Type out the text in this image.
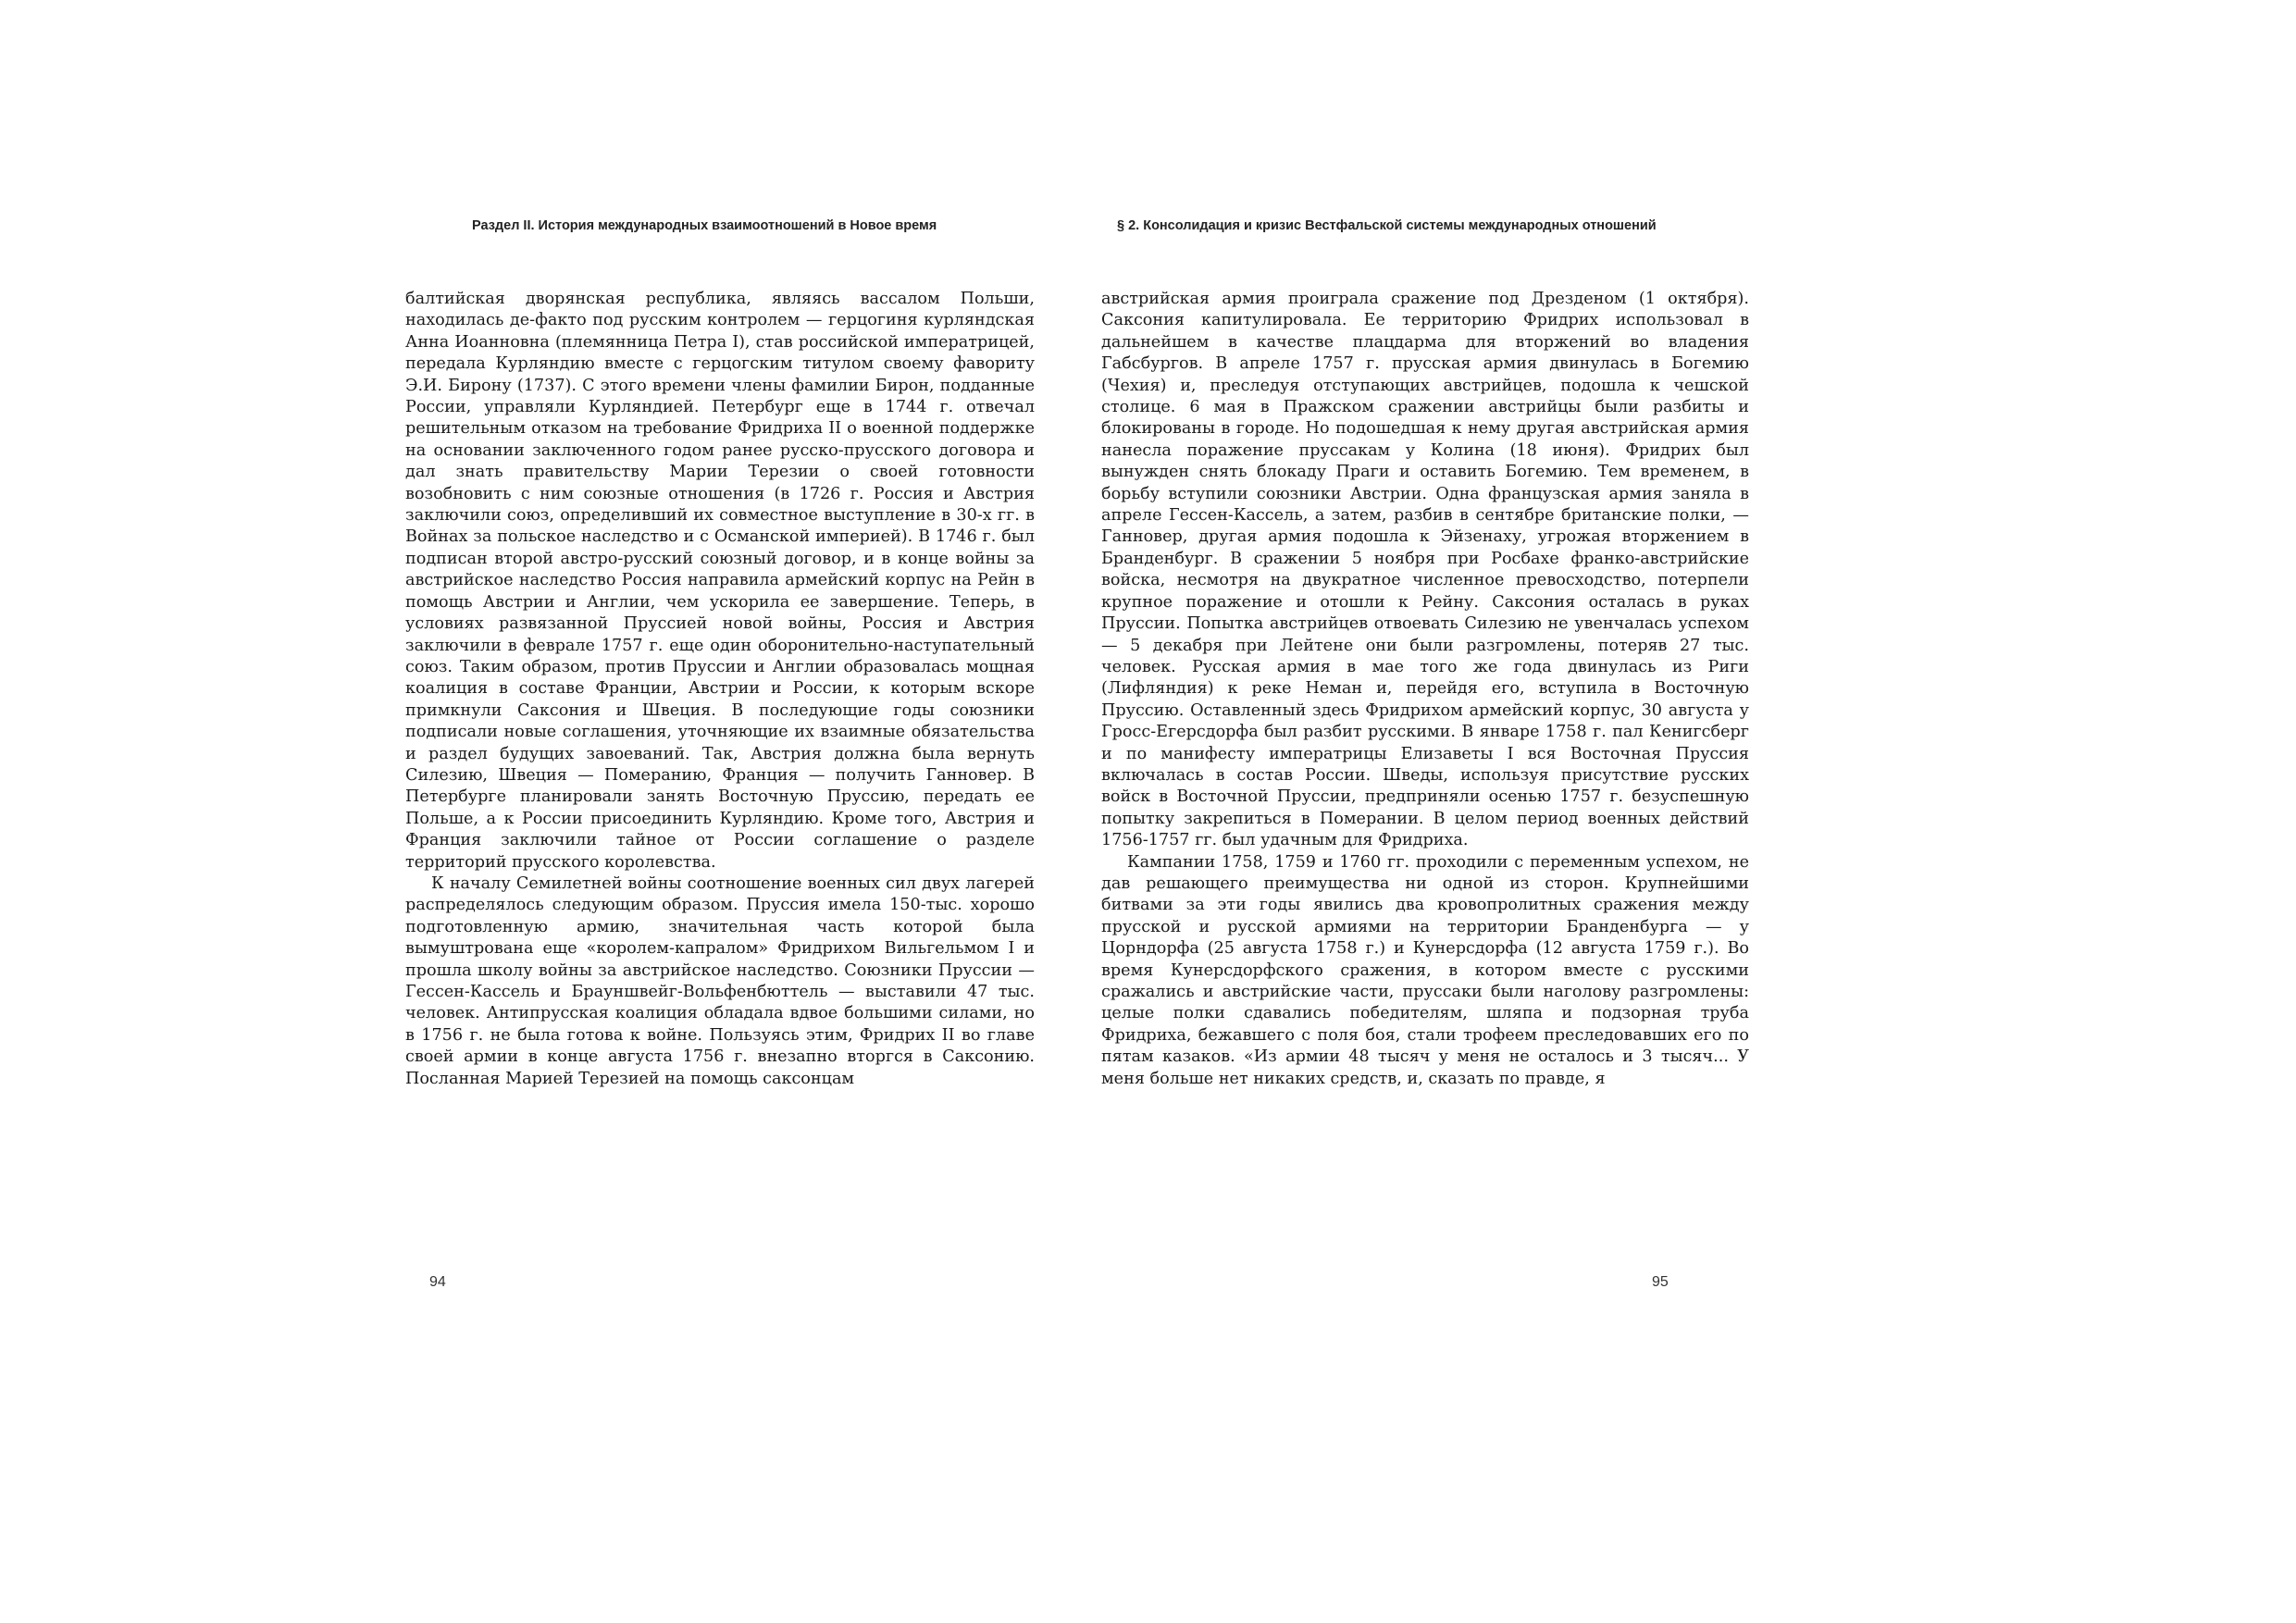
Раздел II. История международных взаимоотношений в Новое время

балтийская дворянская республика, являясь вассалом Польши, находилась де-факто под русским контролем — герцогиня курляндская Анна Иоанновна (племянница Петра I), став российской императрицей, передала Курляндию вместе с герцогским титулом своему фавориту Э.И. Бирону (1737). С этого времени члены фамилии Бирон, подданные России, управляли Курляндией. Петербург еще в 1744 г. отвечал решительным отказом на требование Фридриха II о военной поддержке на основании заключенного годом ранее русско-прусского договора и дал знать правительству Марии Терезии о своей готовности возобновить с ним союзные отношения (в 1726 г. Россия и Австрия заключили союз, определивший их совместное выступление в 30-х гг. в Войнах за польское наследство и с Османской империей). В 1746 г. был подписан второй австро-русский союзный договор, и в конце войны за австрийское наследство Россия направила армейский корпус на Рейн в помощь Австрии и Англии, чем ускорила ее завершение. Теперь, в условиях развязанной Пруссией новой войны, Россия и Австрия заключили в феврале 1757 г. еще один оборонительно-наступательный союз. Таким образом, против Пруссии и Англии образовалась мощная коалиция в составе Франции, Австрии и России, к которым вскоре примкнули Саксония и Швеция. В последующие годы союзники подписали новые соглашения, уточняющие их взаимные обязательства и раздел будущих завоеваний. Так, Австрия должна была вернуть Силезию, Швеция — Померанию, Франция — получить Ганновер. В Петербурге планировали занять Восточную Пруссию, передать ее Польше, а к России присоединить Курляндию. Кроме того, Австрия и Франция заключили тайное от России соглашение о разделе территорий прусского королевства.

К началу Семилетней войны соотношение военных сил двух лагерей распределялось следующим образом. Пруссия имела 150-тыс. хорошо подготовленную армию, значительная часть которой была вымуштрована еще «королем-капралом» Фридрихом Вильгельмом I и прошла школу войны за австрийское наследство. Союзники Пруссии — Гессен-Кассель и Брауншвейг-Вольфенбюттель — выставили 47 тыс. человек. Антипрусская коалиция обладала вдвое большими силами, но в 1756 г. не была готова к войне. Пользуясь этим, Фридрих II во главе своей армии в конце августа 1756 г. внезапно вторгся в Саксонию. Посланная Марией Терезией на помощь саксонцам

94
§ 2. Консолидация и кризис Вестфальской системы международных отношений

австрийская армия проиграла сражение под Дрезденом (1 октября). Саксония капитулировала. Ее территорию Фридрих использовал в дальнейшем в качестве плацдарма для вторжений во владения Габсбургов. В апреле 1757 г. прусская армия двинулась в Богемию (Чехия) и, преследуя отступающих австрийцев, подошла к чешской столице. 6 мая в Пражском сражении австрийцы были разбиты и блокированы в городе. Но подошедшая к нему другая австрийская армия нанесла поражение пруссакам у Колина (18 июня). Фридрих был вынужден снять блокаду Праги и оставить Богемию. Тем временем, в борьбу вступили союзники Австрии. Одна французская армия заняла в апреле Гессен-Кассель, а затем, разбив в сентябре британские полки, — Ганновер, другая армия подошла к Эйзенаху, угрожая вторжением в Бранденбург. В сражении 5 ноября при Росбахе франко-австрийские войска, несмотря на двукратное численное превосходство, потерпели крупное поражение и отошли к Рейну. Саксония осталась в руках Пруссии. Попытка австрийцев отвоевать Силезию не увенчалась успехом — 5 декабря при Лейтене они были разгромлены, потеряв 27 тыс. человек. Русская армия в мае того же года двинулась из Риги (Лифляндия) к реке Неман и, перейдя его, вступила в Восточную Пруссию. Оставленный здесь Фридрихом армейский корпус, 30 августа у Гросс-Егерсдорфа был разбит русскими. В январе 1758 г. пал Кенигсберг и по манифесту императрицы Елизаветы I вся Восточная Пруссия включалась в состав России. Шведы, используя присутствие русских войск в Восточной Пруссии, предприняли осенью 1757 г. безуспешную попытку закрепиться в Померании. В целом период военных действий 1756-1757 гг. был удачным для Фридриха.

Кампании 1758, 1759 и 1760 гг. проходили с переменным успехом, не дав решающего преимущества ни одной из сторон. Крупнейшими битвами за эти годы явились два кровопролитных сражения между прусской и русской армиями на территории Бранденбурга — у Цорндорфа (25 августа 1758 г.) и Кунерсдорфа (12 августа 1759 г.). Во время Кунерсдорфского сражения, в котором вместе с русскими сражались и австрийские части, пруссаки были наголову разгромлены: целые полки сдавались победителям, шляпа и подзорная труба Фридриха, бежавшего с поля боя, стали трофеем преследовавших его по пятам казаков. «Из армии 48 тысяч у меня не осталось и 3 тысяч... У меня больше нет никаких средств, и, сказать по правде, я

95
